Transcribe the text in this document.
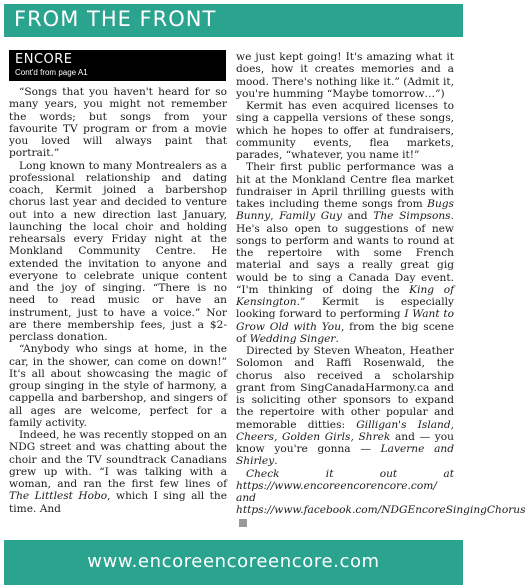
FROM THE FRONT
ENCORE
Cont'd from page A1

“Songs that you haven't heard for so many years, you might not remember the words; but songs from your favourite TV program or from a movie you loved will always paint that portrait.”

Long known to many Montrealers as a professional relationship and dating coach, Kermit joined a barbershop chorus last year and decided to venture out into a new direction last January, launching the local choir and holding rehearsals every Friday night at the Monkland Community Centre. He extended the invitation to anyone and everyone to celebrate unique content and the joy of singing. “There is no need to read music or have an instrument, just to have a voice.” Nor are there membership fees, just a $2-perclass donation.

“Anybody who sings at home, in the car, in the shower, can come on down!” It's all about showcasing the magic of group singing in the style of harmony, a cappella and barbershop, and singers of all ages are welcome, perfect for a family activity.

Indeed, he was recently stopped on an NDG street and was chatting about the choir and the TV soundtrack Canadians grew up with. “I was talking with a woman, and ran the first few lines of The Littlest Hobo, which I sing all the time. And

we just kept going! It's amazing what it does, how it creates memories and a mood. There's nothing like it.” (Admit it, you're humming “Maybe tomorrow…”)

Kermit has even acquired licenses to sing a cappella versions of these songs, which he hopes to offer at fundraisers, community events, flea markets, parades, “whatever, you name it!”

Their first public performance was a hit at the Monkland Centre flea market fundraiser in April thrilling guests with takes including theme songs from Bugs Bunny, Family Guy and The Simpsons. He's also open to suggestions of new songs to perform and wants to round at the repertoire with some French material and says a really great gig would be to sing a Canada Day event. “I'm thinking of doing the King of Kensington.” Kermit is especially looking forward to performing I Want to Grow Old with You, from the big scene of Wedding Singer.

Directed by Steven Wheaton, Heather Solomon and Raffi Rosenwald, the chorus also received a scholarship grant from SingCanadaHarmony.ca and is soliciting other sponsors to expand the repertoire with other popular and memorable ditties: Gilligan's Island, Cheers, Golden Girls, Shrek and — you know you're gonna — Laverne and Shirley.

Check it out at https://www.encoreencorencore.com/ and https://www.facebook.com/NDGEncoreSingingChorus

www.encoreencoreencore.com
